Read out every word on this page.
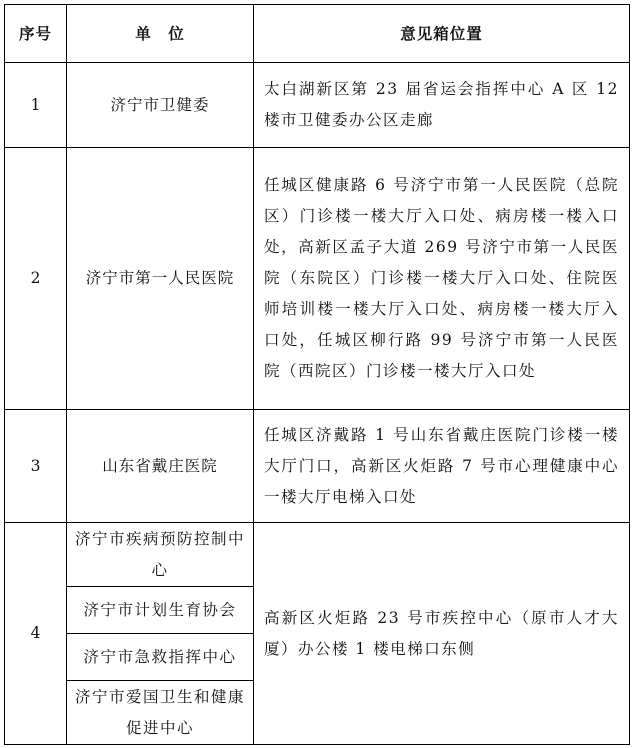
序号	单　位	意见箱位置
1	济宁市卫健委	太白湖新区第 23 届省运会指挥中心 A 区 12 楼市卫健委办公区走廊
2	济宁市第一人民医院	任城区健康路 6 号济宁市第一人民医院（总院区）门诊楼一楼大厅入口处、病房楼一楼入口处，高新区孟子大道 269 号济宁市第一人民医院（东院区）门诊楼一楼大厅入口处、住院医师培训楼一楼大厅入口处、病房楼一楼大厅入口处，任城区柳行路 99 号济宁市第一人民医院（西院区）门诊楼一楼大厅入口处
3	山东省戴庄医院	任城区济戴路 1 号山东省戴庄医院门诊楼一楼大厅门口，高新区火炬路 7 号市心理健康中心一楼大厅电梯入口处
4	济宁市疾病预防控制中心	高新区火炬路 23 号市疾控中心（原市人才大厦）办公楼 1 楼电梯口东侧
	济宁市计划生育协会	
	济宁市急救指挥中心	
	济宁市爱国卫生和健康促进中心	
